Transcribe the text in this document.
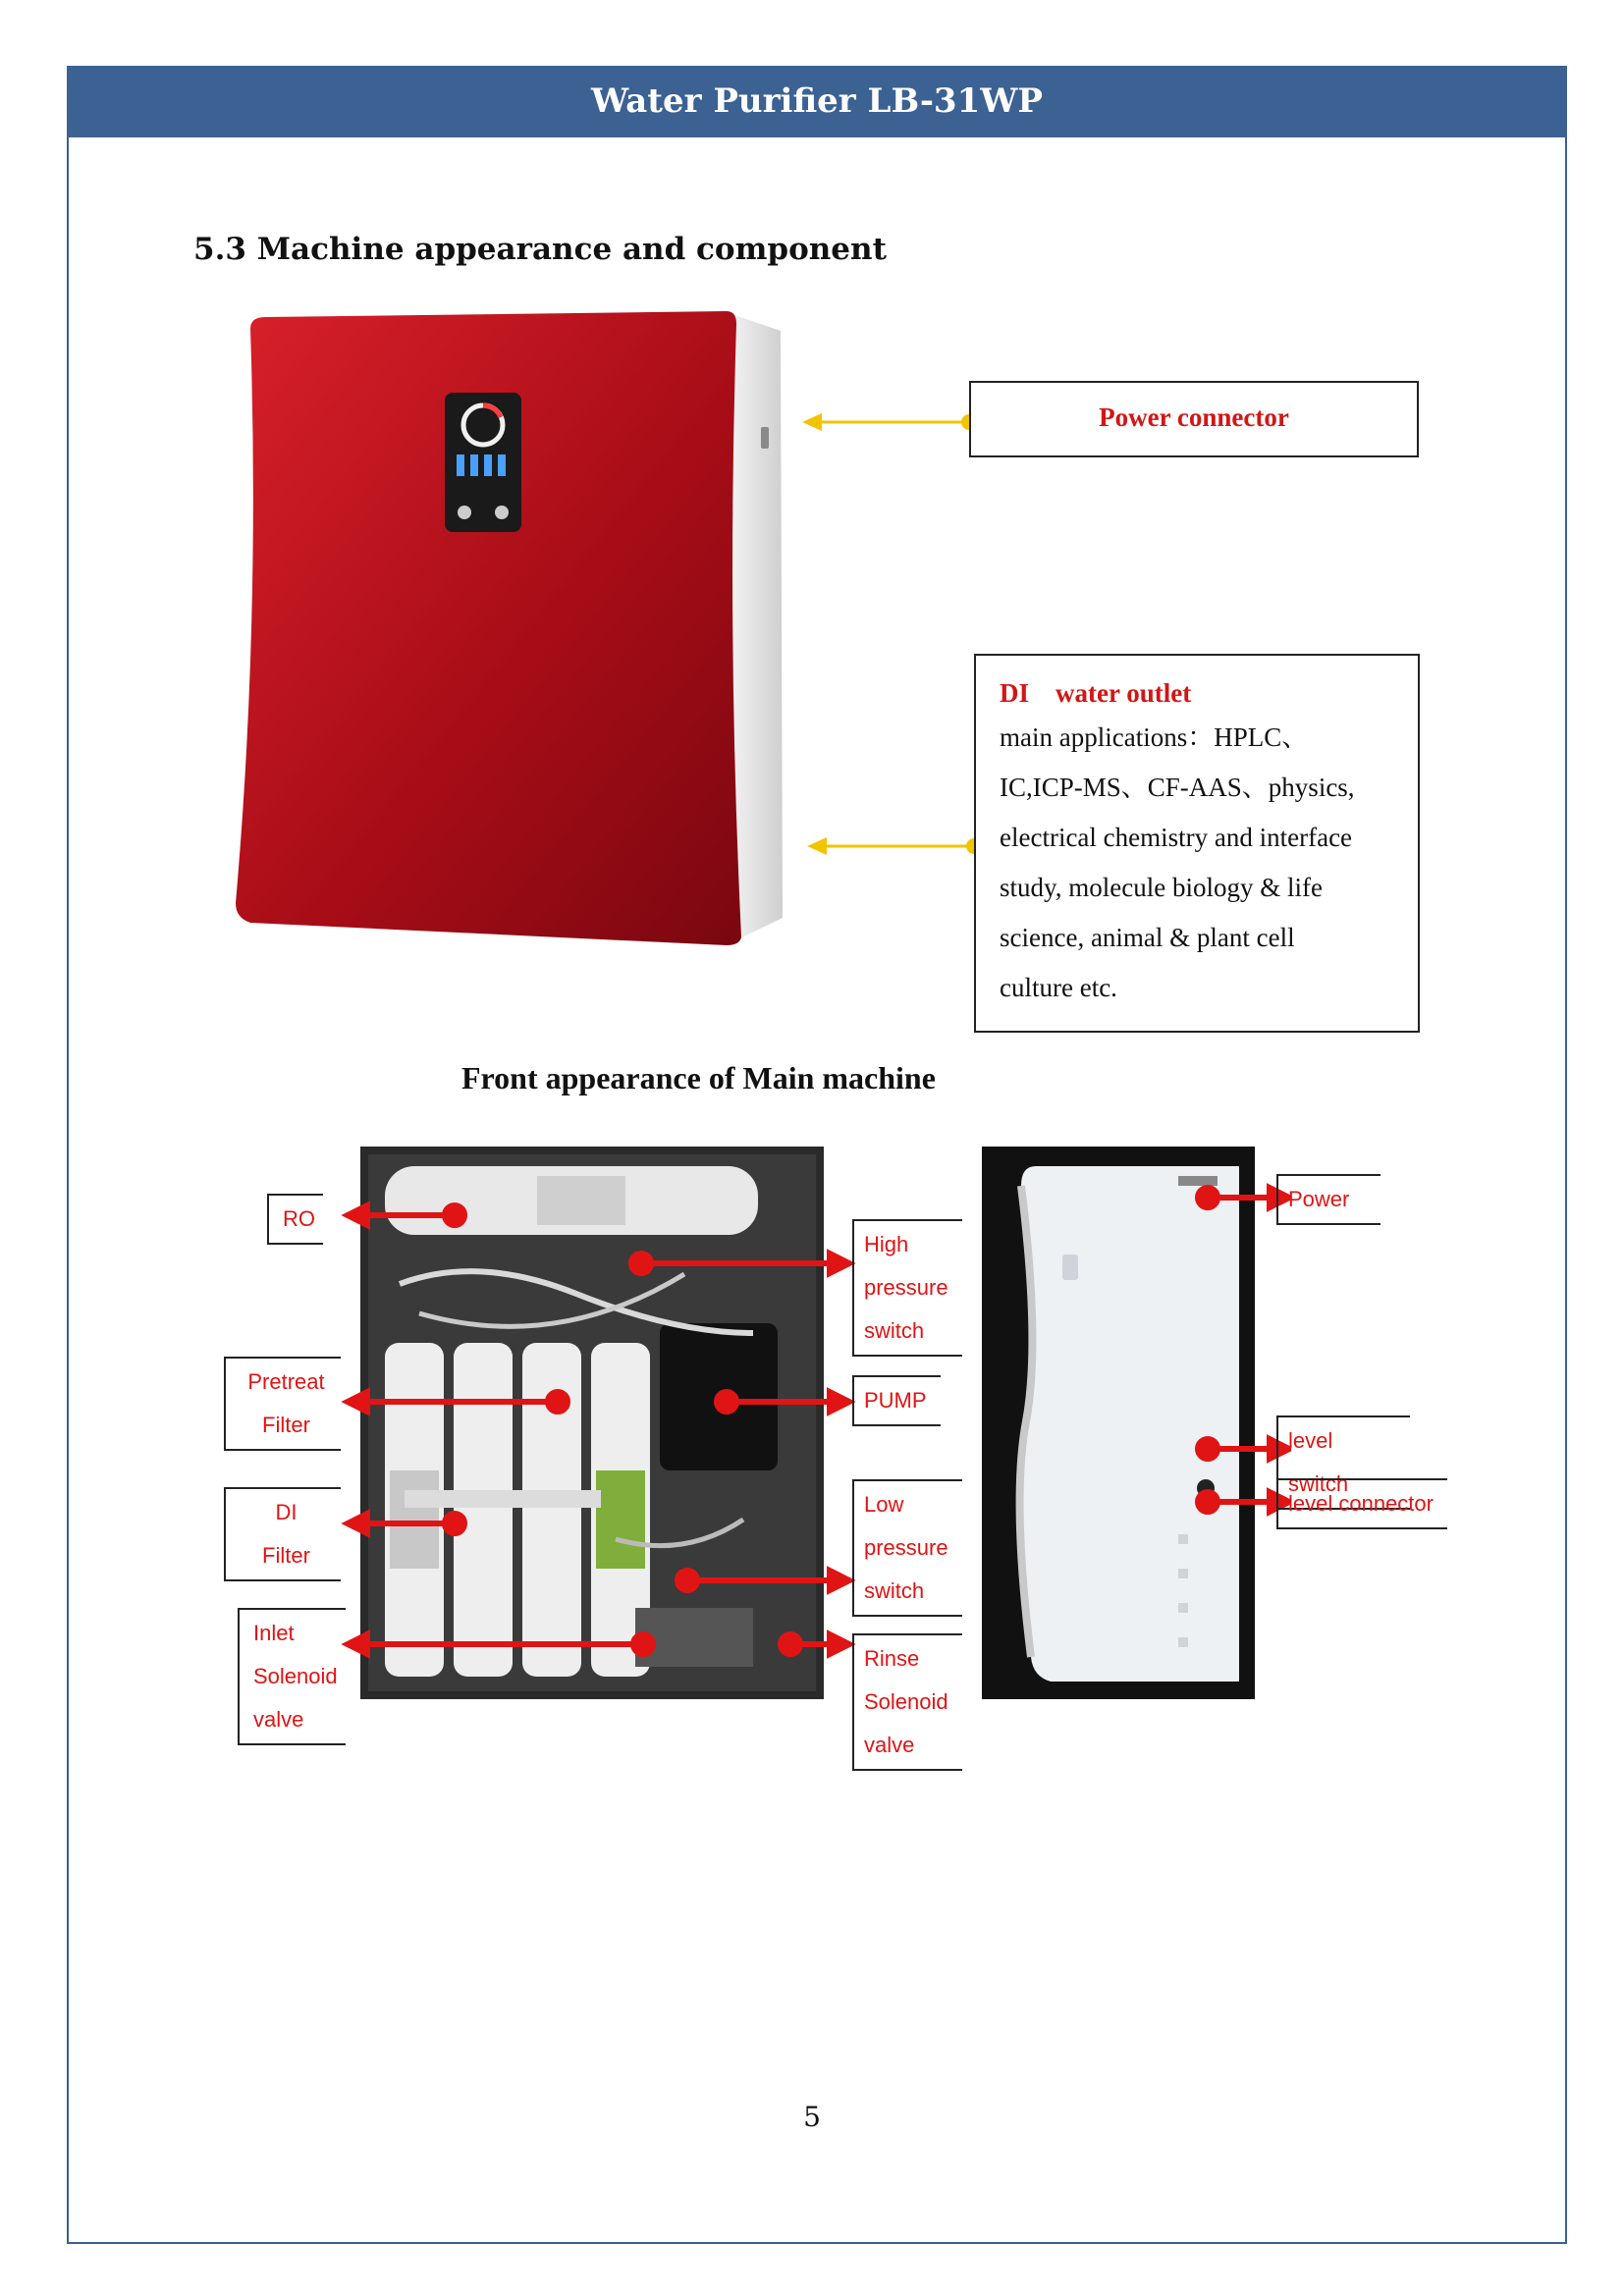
Water Purifier LB-31WP
5.3 Machine appearance and component
Power connector
DI    water outlet
main applications：HPLC、
IC,ICP-MS、CF-AAS、physics,
electrical chemistry and interface
study, molecule biology & life
science, animal & plant cell
culture etc.
Front appearance of Main machine
RO
Pretreat
Filter
DI
Filter
Inlet
Solenoid
valve
High
pressure
switch
PUMP
Low
pressure
switch
Rinse
Solenoid
valve
Power
level switch
level connector
5
